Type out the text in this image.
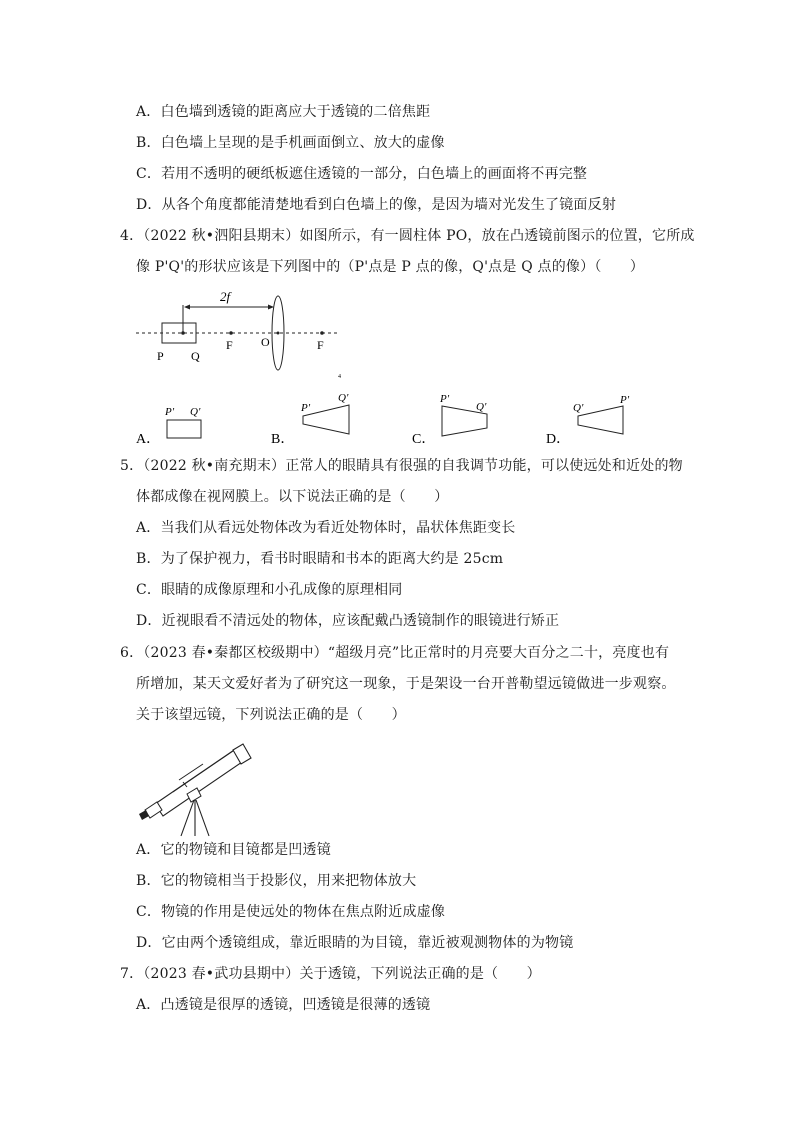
A．白色墙到透镜的距离应大于透镜的二倍焦距
B．白色墙上呈现的是手机画面倒立、放大的虚像
C．若用不透明的硬纸板遮住透镜的一部分，白色墙上的画面将不再完整
D．从各个角度都能清楚地看到白色墙上的像，是因为墙对光发生了镜面反射
4．（2022 秋•泗阳县期末）如图所示，有一圆柱体 PO，放在凸透镜前图示的位置，它所成
像 P'Q'的形状应该是下列图中的（P'点是 P 点的像，Q'点是 Q 点的像）（　　）
2f
P Q
F O	F
4
A．
P' Q'
B．
P'
Q'
C．
P'
Q'
D．
Q'
P'
5．（2022 秋•南充期末）正常人的眼睛具有很强的自我调节功能，可以使远处和近处的物
体都成像在视网膜上。以下说法正确的是（　　）
A．当我们从看远处物体改为看近处物体时，晶状体焦距变长
B．为了保护视力，看书时眼睛和书本的距离大约是 25cm
C．眼睛的成像原理和小孔成像的原理相同
D．近视眼看不清远处的物体，应该配戴凸透镜制作的眼镜进行矫正
6．（2023 春•秦都区校级期中）“超级月亮”比正常时的月亮要大百分之二十，亮度也有
所增加，某天文爱好者为了研究这一现象，于是架设一台开普勒望远镜做进一步观察。
关于该望远镜，下列说法正确的是（　　）
A．它的物镜和目镜都是凹透镜
B．它的物镜相当于投影仪，用来把物体放大
C．物镜的作用是使远处的物体在焦点附近成虚像
D．它由两个透镜组成，靠近眼睛的为目镜，靠近被观测物体的为物镜
7．（2023 春•武功县期中）关于透镜，下列说法正确的是（　　）
A．凸透镜是很厚的透镜，凹透镜是很薄的透镜
